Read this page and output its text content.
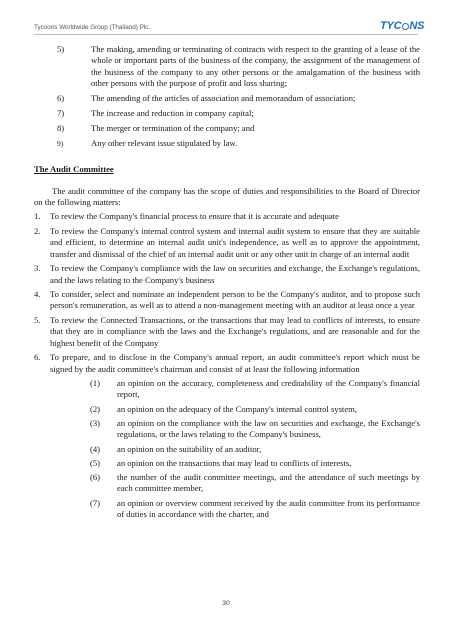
Tycoons Worldwide Group (Thailand) Plc.	TYC NS
5)	The making, amending or terminating of contracts with respect to the granting of a lease of the whole or important parts of the business of the company, the assignment of the management of the business of the company to any other persons or the amalgamation of the business with other persons with the purpose of profit and loss sharing;
6)	The amending of the articles of association and memorandum of association;
7)	The increase and reduction in company capital;
8)	The merger or termination of the company; and
9)	Any other relevant issue stipulated by law.
The Audit Committee
The audit committee of the company has the scope of duties and responsibilities to the Board of Director on the following matters:
1. To review the Company's financial process to ensure that it is accurate and adequate
2. To review the Company's internal control system and internal audit system to ensure that they are suitable and efficient, to determine an internal audit unit's independence, as well as to approve the appointment, transfer and dismissal of the chief of an internal audit unit or any other unit in charge of an internal audit
3. To review the Company's compliance with the law on securities and exchange, the Exchange's regulations, and the laws relating to the Company's business
4. To consider, select and nominate an independent person to be the Company's auditor, and to propose such person's remuneration, as well as to attend a non-management meeting with an auditor at least once a year
5. To review the Connected Transactions, or the transactions that may lead to conflicts of interests, to ensure that they are in compliance with the laws and the Exchange's regulations, and are reasonable and for the highest benefit of the Company
6. To prepare, and to disclose in the Company's annual report, an audit committee's report which must be signed by the audit committee's chairman and consist of at least the following information
(1) an opinion on the accuracy, completeness and creditability of the Company's financial report,
(2) an opinion on the adequacy of the Company's internal control system,
(3) an opinion on the compliance with the law on securities and exchange, the Exchange's regulations, or the laws relating to the Company's business,
(4) an opinion on the suitability of an auditor,
(5) an opinion on the transactions that may lead to conflicts of interests,
(6) the number of the audit committee meetings, and the attendance of such meetings by each committee member,
(7) an opinion or overview comment received by the audit committee from its performance of duties in accordance with the charter, and
30
